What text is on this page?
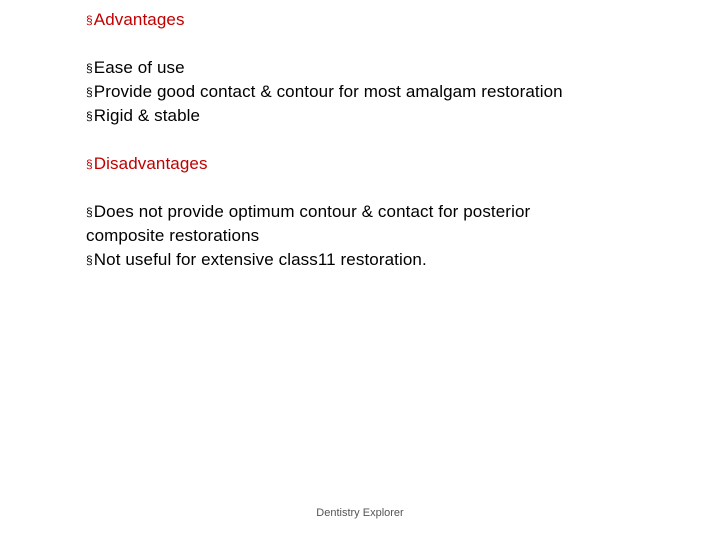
§Advantages
§Ease of use
§Provide good contact & contour for most amalgam restoration
§Rigid & stable
§Disadvantages
§Does not provide optimum contour & contact for posterior composite restorations
§Not useful for extensive class11 restoration.
Dentistry Explorer
